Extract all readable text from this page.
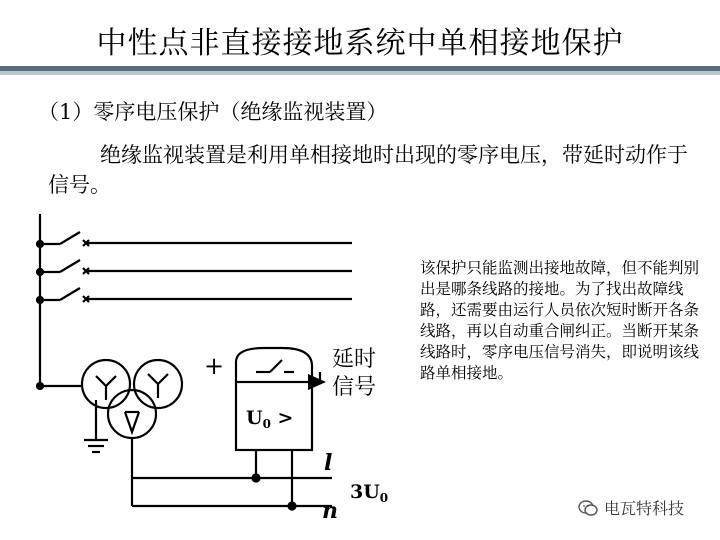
中性点非直接接地系统中单相接地保护
（1）零序电压保护（绝缘监视装置）
绝缘监视装置是利用单相接地时出现的零序电压，带延时动作于信号。
+	延时
信号
$U_0$ >
l
n
$3U_0$
该保护只能监测出接地故障，但不能判别出是哪条线路的接地。为了找出故障线路，还需要由运行人员依次短时断开各条线路，再以自动重合闸纠正。当断开某条线路时，零序电压信号消失，即说明该线路单相接地。
电瓦特科技
